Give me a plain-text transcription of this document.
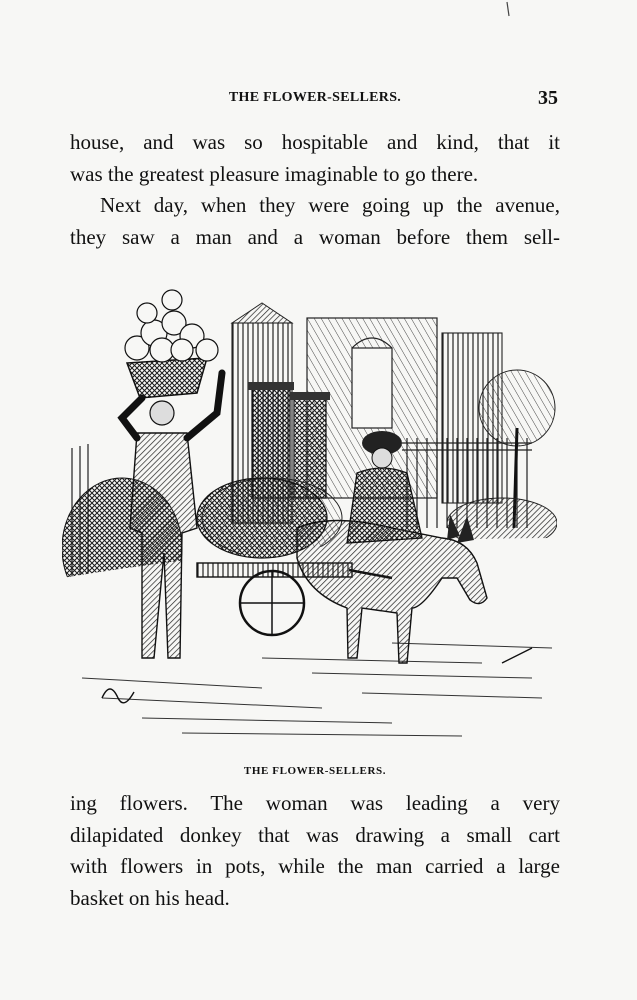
THE FLOWER-SELLERS.	35
house, and was so hospitable and kind, that it
was the greatest pleasure imaginable to go there.
Next day, when they were going up the avenue,
they saw a man and a woman before them sell-
THE FLOWER-SELLERS.
ing flowers. The woman was leading a very
dilapidated donkey that was drawing a small cart
with flowers in pots, while the man carried a large
basket on his head.
